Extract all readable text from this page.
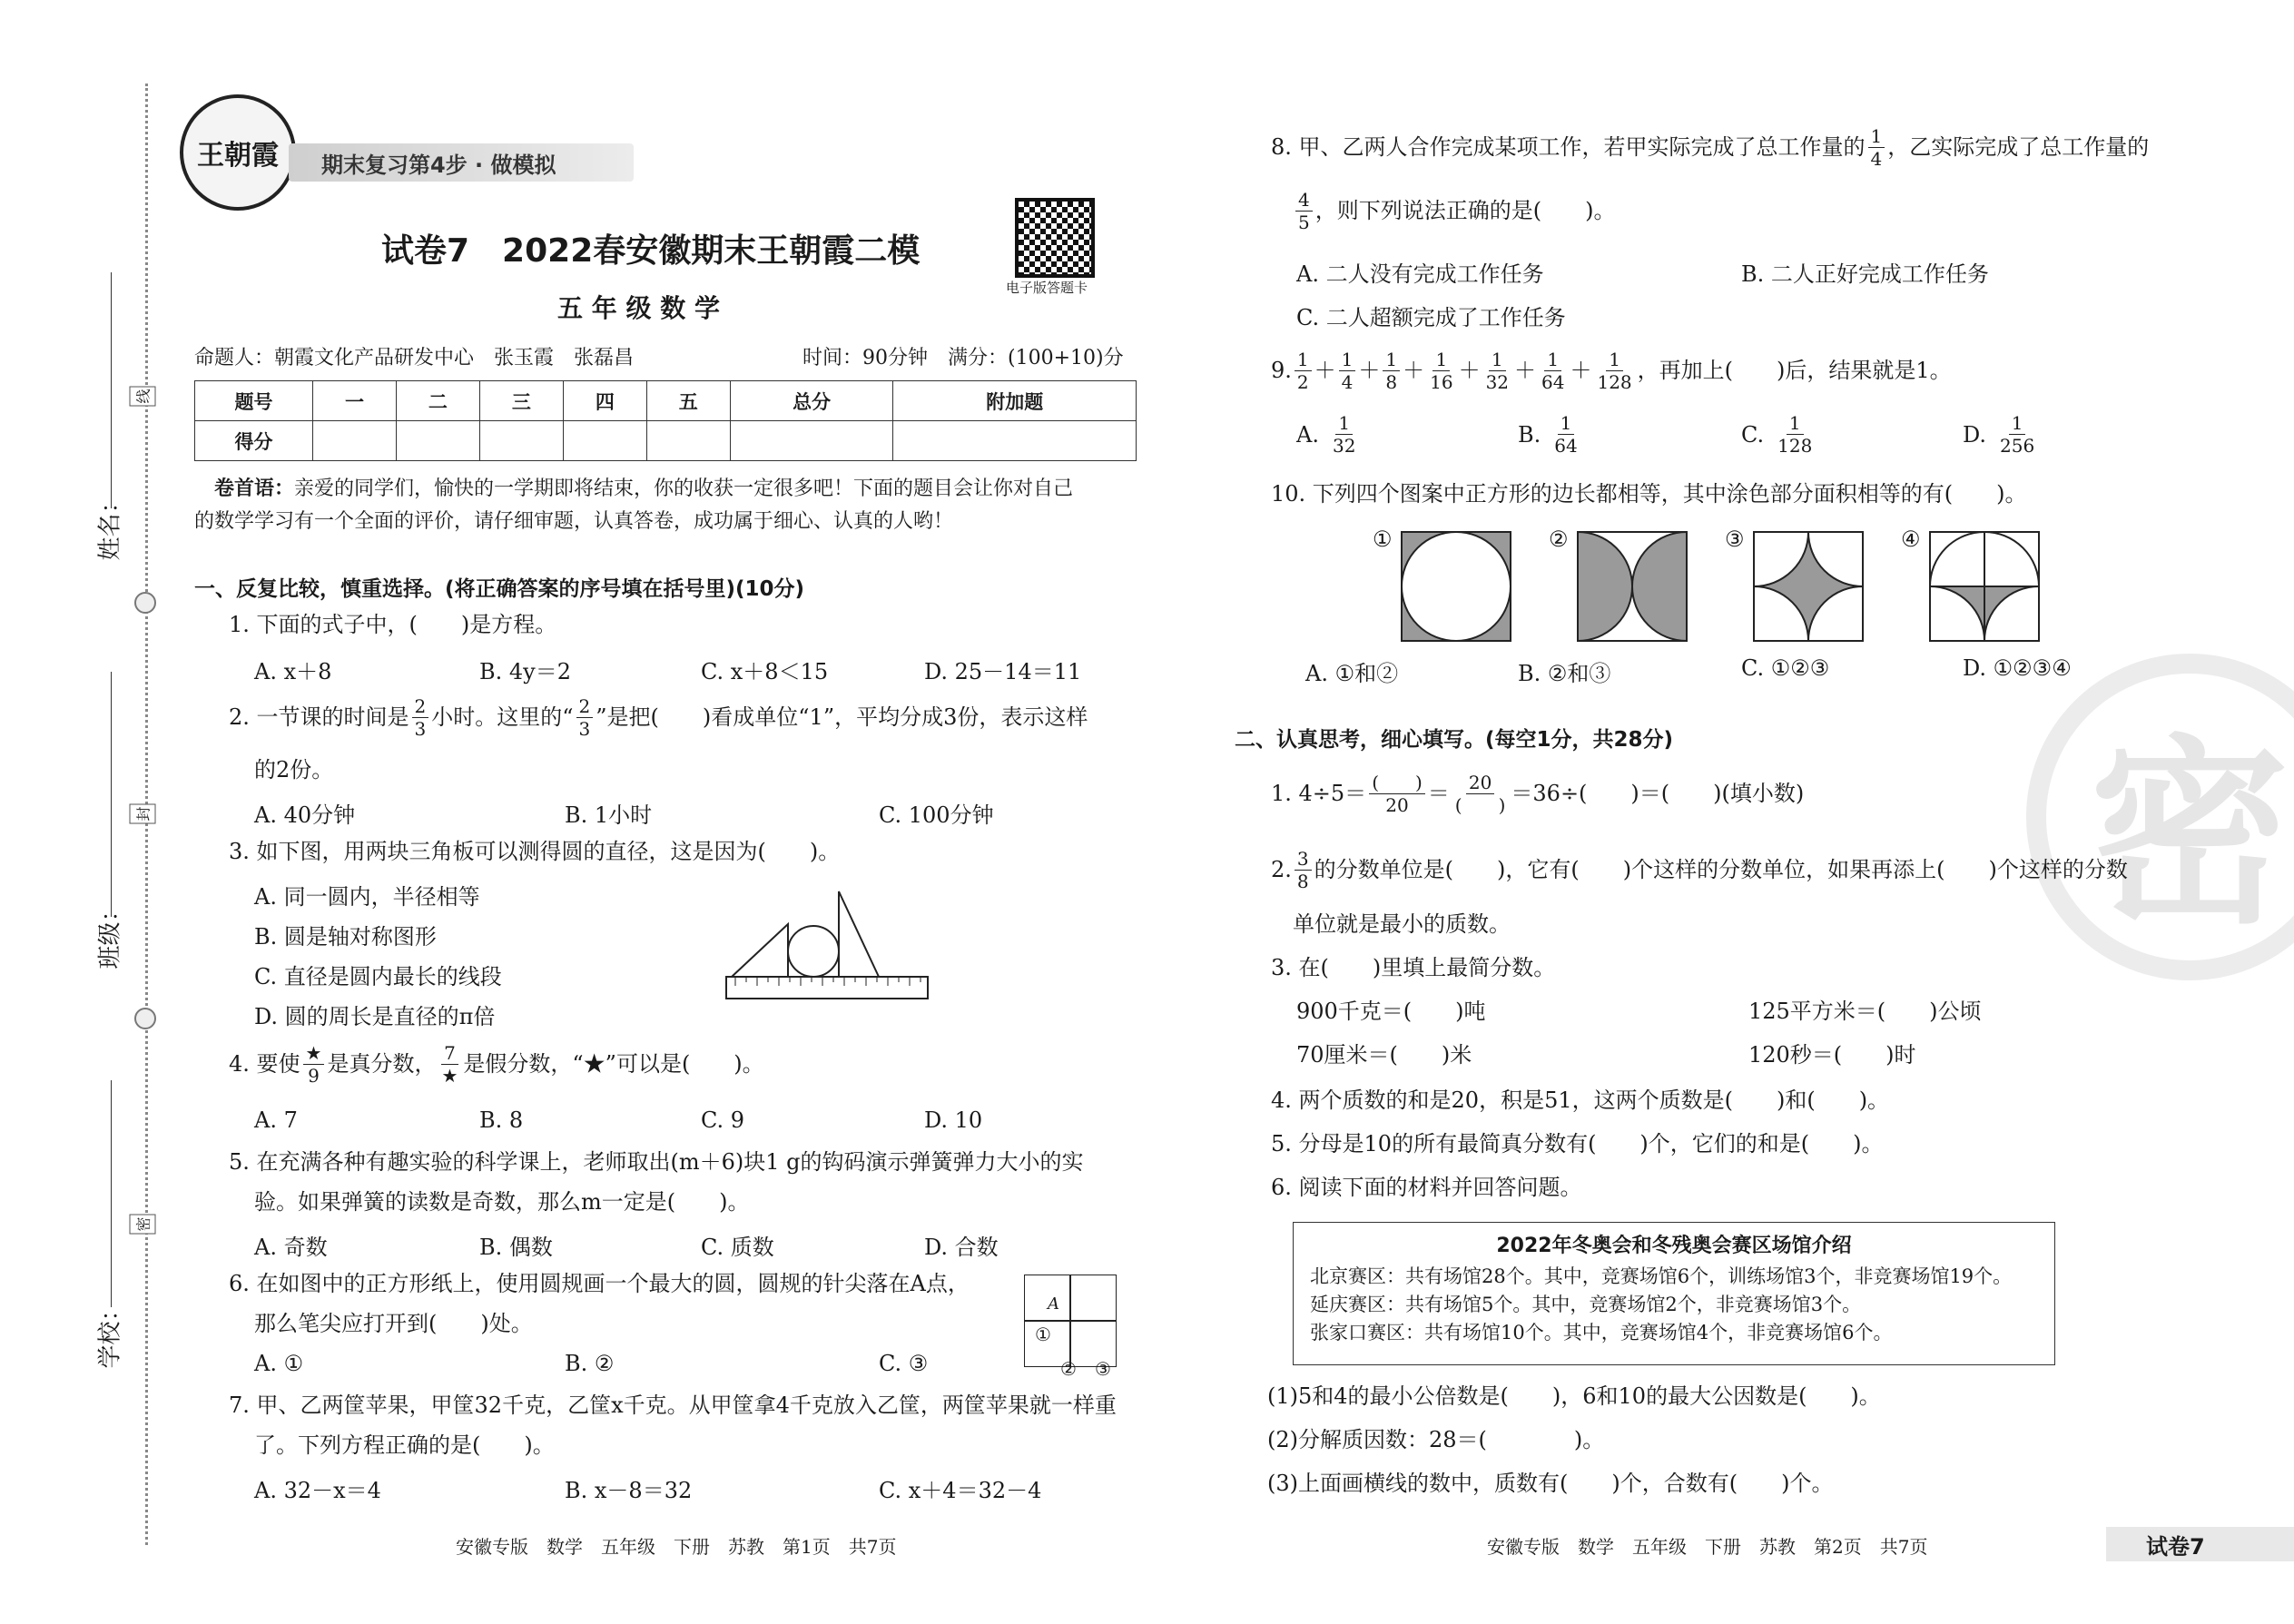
姓名：
班级：
学校：
线
封
密
王朝霞 期末复习第4步 · 做模拟
试卷7　2022春安徽期末王朝霞二模
电子版答题卡
五 年 级 数 学
命题人：朝霞文化产品研发中心　张玉霞　张磊昌	时间：90分钟　满分：(100+10)分
题号	一	二	三	四	五	总分	附加题
得分							
卷首语：亲爱的同学们，愉快的一学期即将结束，你的收获一定很多吧！下面的题目会让你对自己
的数学学习有一个全面的评价，请仔细审题，认真答卷，成功属于细心、认真的人哟！
一、反复比较，慎重选择。(将正确答案的序号填在括号里)(10分)
1. 下面的式子中，(　　)是方程。
A. x＋8	B. 4y＝2	C. x＋8＜15	D. 25－14＝11
2. 一节课的时间是 $\frac{2}{3}$ 小时。这里的“ $\frac{2}{3}$ ”是把(　　)看成单位“1”，平均分成3份，表示这样
的2份。
A. 40分钟	B. 1小时	C. 100分钟
3. 如下图，用两块三角板可以测得圆的直径，这是因为(　　)。
A. 同一圆内，半径相等
B. 圆是轴对称图形
C. 直径是圆内最长的线段
D. 圆的周长是直径的π倍
4. 要使 $\frac{★}{9}$ 是真分数， $\frac{7}{★}$ 是假分数，“★”可以是(　　)。
A. 7	B. 8	C. 9	D. 10
5. 在充满各种有趣实验的科学课上，老师取出(m＋6)块1 g的钩码演示弹簧弹力大小的实
验。如果弹簧的读数是奇数，那么m一定是(　　)。
A. 奇数	B. 偶数	C. 质数	D. 合数
6. 在如图中的正方形纸上，使用圆规画一个最大的圆，圆规的针尖落在A点，
那么笔尖应打开到(　　)处。
A. ①	B. ②	C. ③
A
①
② ③
7. 甲、乙两筐苹果，甲筐32千克，乙筐x千克。从甲筐拿4千克放入乙筐，两筐苹果就一样重
了。下列方程正确的是(　　)。
A. 32－x＝4	B. x－8＝32	C. x＋4＝32－4
安徽专版　数学　五年级　下册　苏教　第1页　共7页
密
8. 甲、乙两人合作完成某项工作，若甲实际完成了总工作量的 $\frac{1}{4}$ ，乙实际完成了总工作量的
$\frac{4}{5}$ ，则下列说法正确的是(　　)。
A. 二人没有完成工作任务	B. 二人正好完成工作任务
C. 二人超额完成了工作任务
9. $\frac{1}{2} + \frac{1}{4} + \frac{1}{8} + \frac{1}{16} + \frac{1}{32} + \frac{1}{64} + \frac{1}{128}$ ，再加上(　　)后，结果就是1。
A. $\frac{1}{32}$	B. $\frac{1}{64}$	C. $\frac{1}{128}$	D. $\frac{1}{256}$
10. 下列四个图案中正方形的边长都相等，其中涂色部分面积相等的有(　　)。
①	②	③	④
A. ①和②	B. ②和③	C. ①②③	D. ①②③④
二、认真思考，细心填写。(每空1分，共28分)
1. $4\div 5= \frac{( )}{20} = \frac{20}{( )} =36\div$(　　)＝(　　)(填小数)
2. $\frac{3}{8}$ 的分数单位是(　　)，它有(　　)个这样的分数单位，如果再添上(　　)个这样的分数
单位就是最小的质数。
3. 在(　　)里填上最简分数。
900千克＝(　　)吨	125平方米＝(　　)公顷
70厘米＝(　　)米	120秒＝(　　)时
4. 两个质数的和是20，积是51，这两个质数是(　　)和(　　)。
5. 分母是10的所有最简真分数有(　　)个，它们的和是(　　)。
6. 阅读下面的材料并回答问题。
2022年冬奥会和冬残奥会赛区场馆介绍
北京赛区：共有场馆28个。其中，竞赛场馆6个，训练场馆3个，非竞赛场馆19个。
延庆赛区：共有场馆5个。其中，竞赛场馆2个，非竞赛场馆3个。
张家口赛区：共有场馆10个。其中，竞赛场馆4个，非竞赛场馆6个。
(1)5和4的最小公倍数是(　　)，6和10的最大公因数是(　　)。
(2)分解质因数：28＝(　　　　)。
(3)上面画横线的数中，质数有(　　)个，合数有(　　)个。
安徽专版　数学　五年级　下册　苏教　第2页　共7页	试卷7
